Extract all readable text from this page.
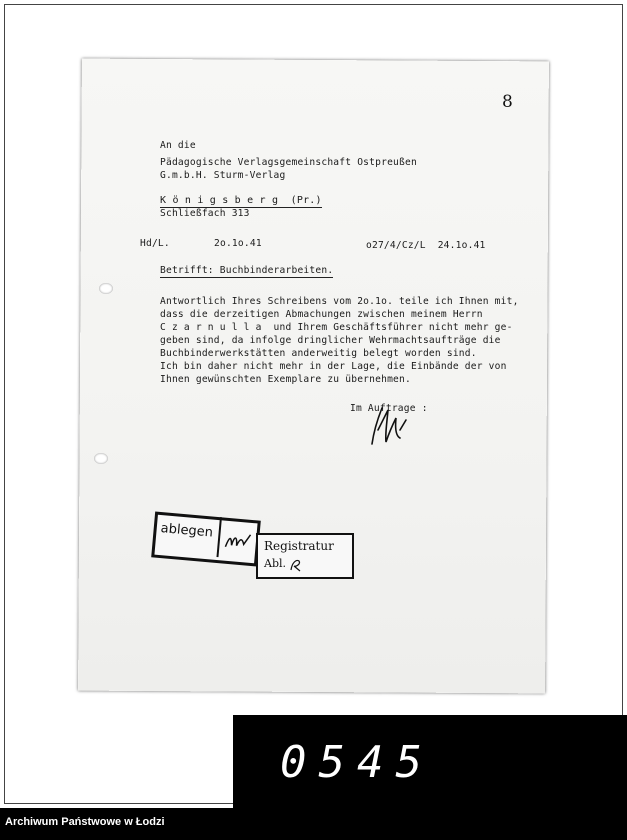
8
An die
Pädagogische Verlagsgemeinschaft Ostpreußen
G.m.b.H. Sturm-Verlag
K ö n i g s b e r g  (Pr.)
Schließfach 313
Hd/L.	2o.1o.41	o27/4/Cz/L  24.1o.41
Betrifft: Buchbinderarbeiten.
Antwortlich Ihres Schreibens vom 2o.1o. teile ich Ihnen mit,
dass die derzeitigen Abmachungen zwischen meinem Herrn
C z a r n u l l a  und Ihrem Geschäftsführer nicht mehr ge-
geben sind, da infolge dringlicher Wehrmachtsaufträge die
Buchbinderwerkstätten anderweitig belegt worden sind.
Ich bin daher nicht mehr in der Lage, die Einbände der von
Ihnen gewünschten Exemplare zu übernehmen.
Im Auftrage :
ablegen
Registratur
Abl.
0545
Archiwum Państwowe w Łodzi
